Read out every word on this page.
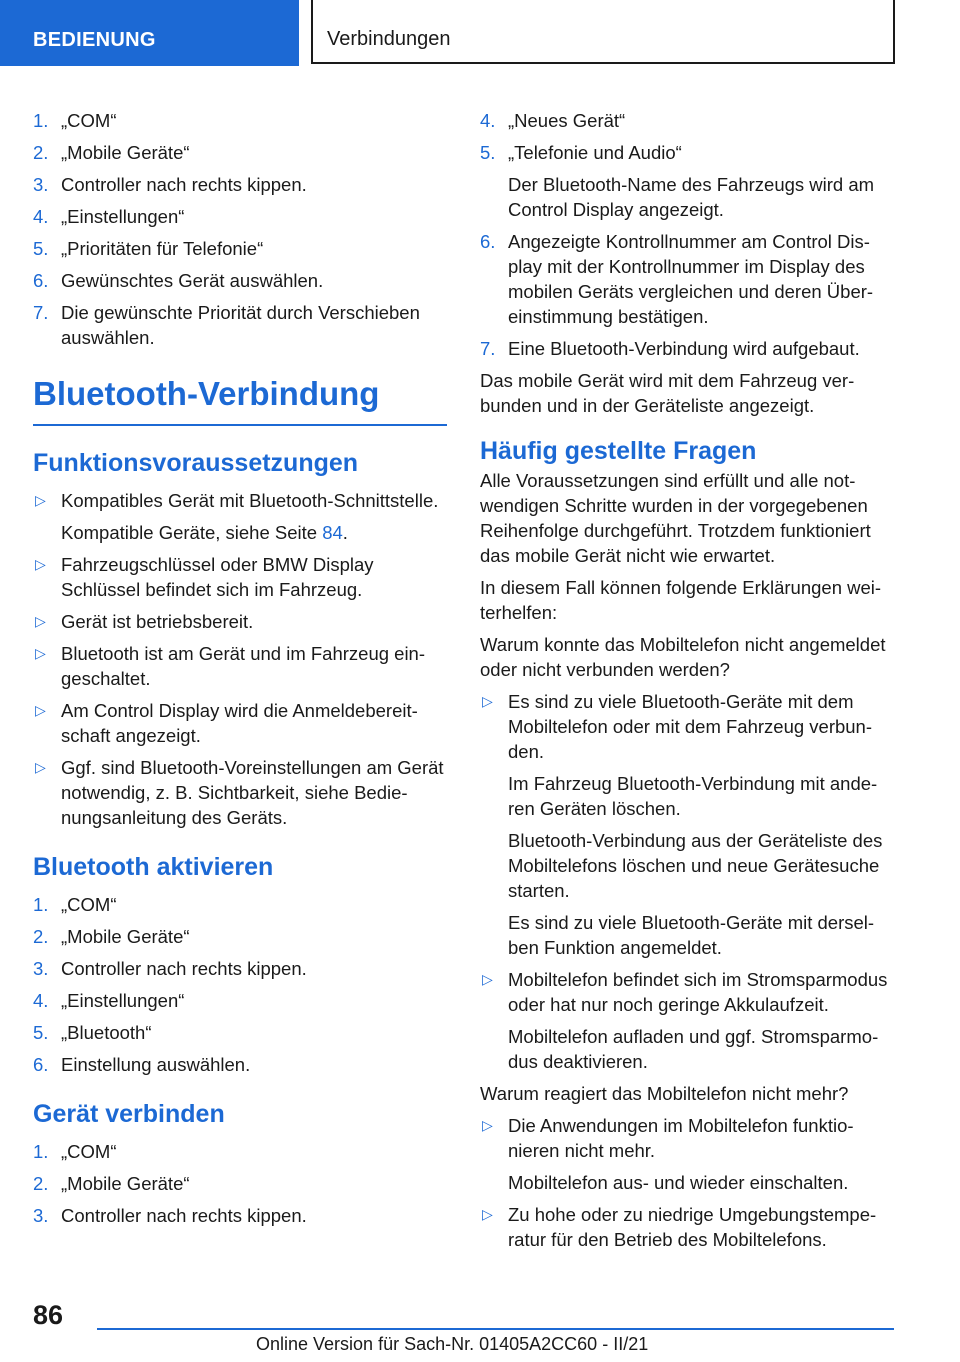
BEDIENUNG	Verbindungen
1. „COM“
2. „Mobile Geräte“
3. Controller nach rechts kippen.
4. „Einstellungen“
5. „Prioritäten für Telefonie“
6. Gewünschtes Gerät auswählen.
7. Die gewünschte Priorität durch Verschieben auswählen.
Bluetooth-Verbindung
Funktionsvoraussetzungen
▷ Kompatibles Gerät mit Bluetooth-Schnittstelle.
Kompatible Geräte, siehe Seite 84.
▷ Fahrzeugschlüssel oder BMW Display Schlüssel befindet sich im Fahrzeug.
▷ Gerät ist betriebsbereit.
▷ Bluetooth ist am Gerät und im Fahrzeug eingeschaltet.
▷ Am Control Display wird die Anmeldebereitschaft angezeigt.
▷ Ggf. sind Bluetooth-Voreinstellungen am Gerät notwendig, z. B. Sichtbarkeit, siehe Bedienungsanleitung des Geräts.
Bluetooth aktivieren
1. „COM“
2. „Mobile Geräte“
3. Controller nach rechts kippen.
4. „Einstellungen“
5. „Bluetooth“
6. Einstellung auswählen.
Gerät verbinden
1. „COM“
2. „Mobile Geräte“
3. Controller nach rechts kippen.
4. „Neues Gerät“
5. „Telefonie und Audio“
Der Bluetooth-Name des Fahrzeugs wird am Control Display angezeigt.
6. Angezeigte Kontrollnummer am Control Display mit der Kontrollnummer im Display des mobilen Geräts vergleichen und deren Übereinstimmung bestätigen.
7. Eine Bluetooth-Verbindung wird aufgebaut.

Das mobile Gerät wird mit dem Fahrzeug verbunden und in der Geräteliste angezeigt.

Häufig gestellte Fragen

Alle Voraussetzungen sind erfüllt und alle notwendigen Schritte wurden in der vorgegebenen Reihenfolge durchgeführt. Trotzdem funktioniert das mobile Gerät nicht wie erwartet.

In diesem Fall können folgende Erklärungen weiterhelfen:

Warum konnte das Mobiltelefon nicht angemeldet oder nicht verbunden werden?

▷ Es sind zu viele Bluetooth-Geräte mit dem Mobiltelefon oder mit dem Fahrzeug verbunden.
Im Fahrzeug Bluetooth-Verbindung mit anderen Geräten löschen.
Bluetooth-Verbindung aus der Geräteliste des Mobiltelefons löschen und neue Gerätesuche starten.
Es sind zu viele Bluetooth-Geräte mit derselben Funktion angemeldet.
▷ Mobiltelefon befindet sich im Stromsparmodus oder hat nur noch geringe Akkulaufzeit.
Mobiltelefon aufladen und ggf. Stromsparmodus deaktivieren.

Warum reagiert das Mobiltelefon nicht mehr?

▷ Die Anwendungen im Mobiltelefon funktionieren nicht mehr.
Mobiltelefon aus- und wieder einschalten.
▷ Zu hohe oder zu niedrige Umgebungstemperatur für den Betrieb des Mobiltelefons.
86
Online Version für Sach-Nr. 01405A2CC60 - II/21
